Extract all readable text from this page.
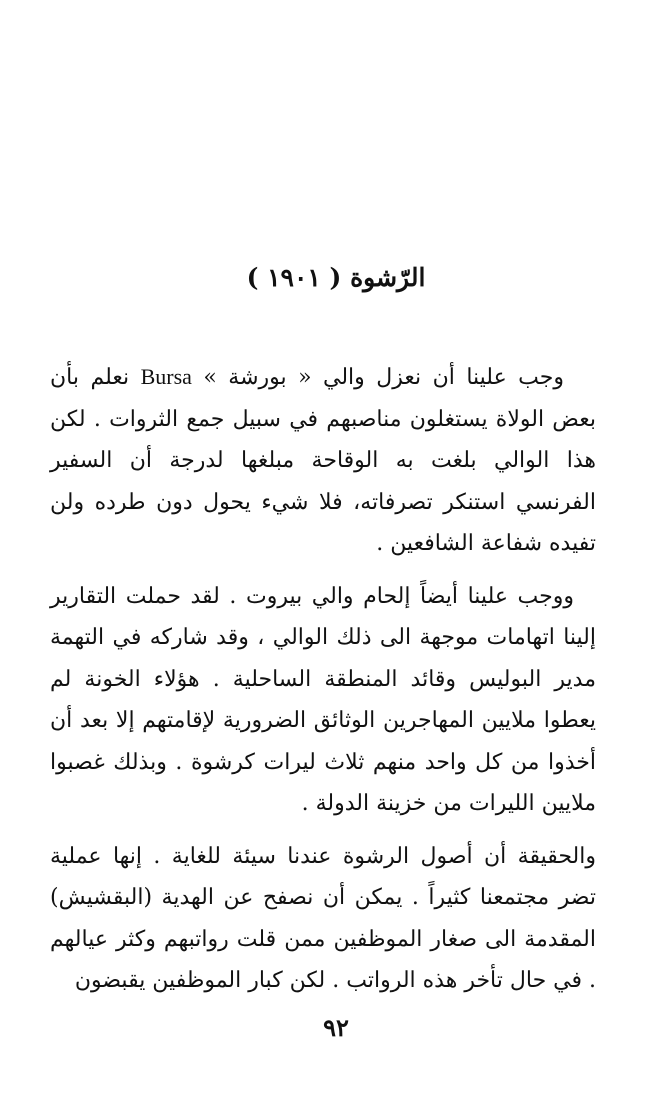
الرّشوة ( ١٩٠١ )

وجب علينا أن نعزل والي « بورشة » Bursa نعلم بأن بعض الولاة يستغلون مناصبهم في سبيل جمع الثروات . لكن هذا الوالي بلغت به الوقاحة مبلغها لدرجة أن السفير الفرنسي استنكر تصرفاته، فلا شيء يحول دون طرده ولن تفيده شفاعة الشافعين .

ووجب علينا أيضاً إلحام والي بيروت . لقد حملت التقارير إلينا اتهامات موجهة الى ذلك الوالي ، وقد شاركه في التهمة مدير البوليس وقائد المنطقة الساحلية . هؤلاء الخونة لم يعطوا ملايين المهاجرين الوثائق الضرورية لإقامتهم إلا بعد أن أخذوا من كل واحد منهم ثلاث ليرات كرشوة . وبذلك غصبوا ملايين الليرات من خزينة الدولة .

والحقيقة أن أصول الرشوة عندنا سيئة للغاية . إنها عملية تضر مجتمعنا كثيراً . يمكن أن نصفح عن الهدية (البقشيش) المقدمة الى صغار الموظفين ممن قلت رواتبهم وكثر عيالهم . في حال تأخر هذه الرواتب . لكن كبار الموظفين يقبضون

٩٢
